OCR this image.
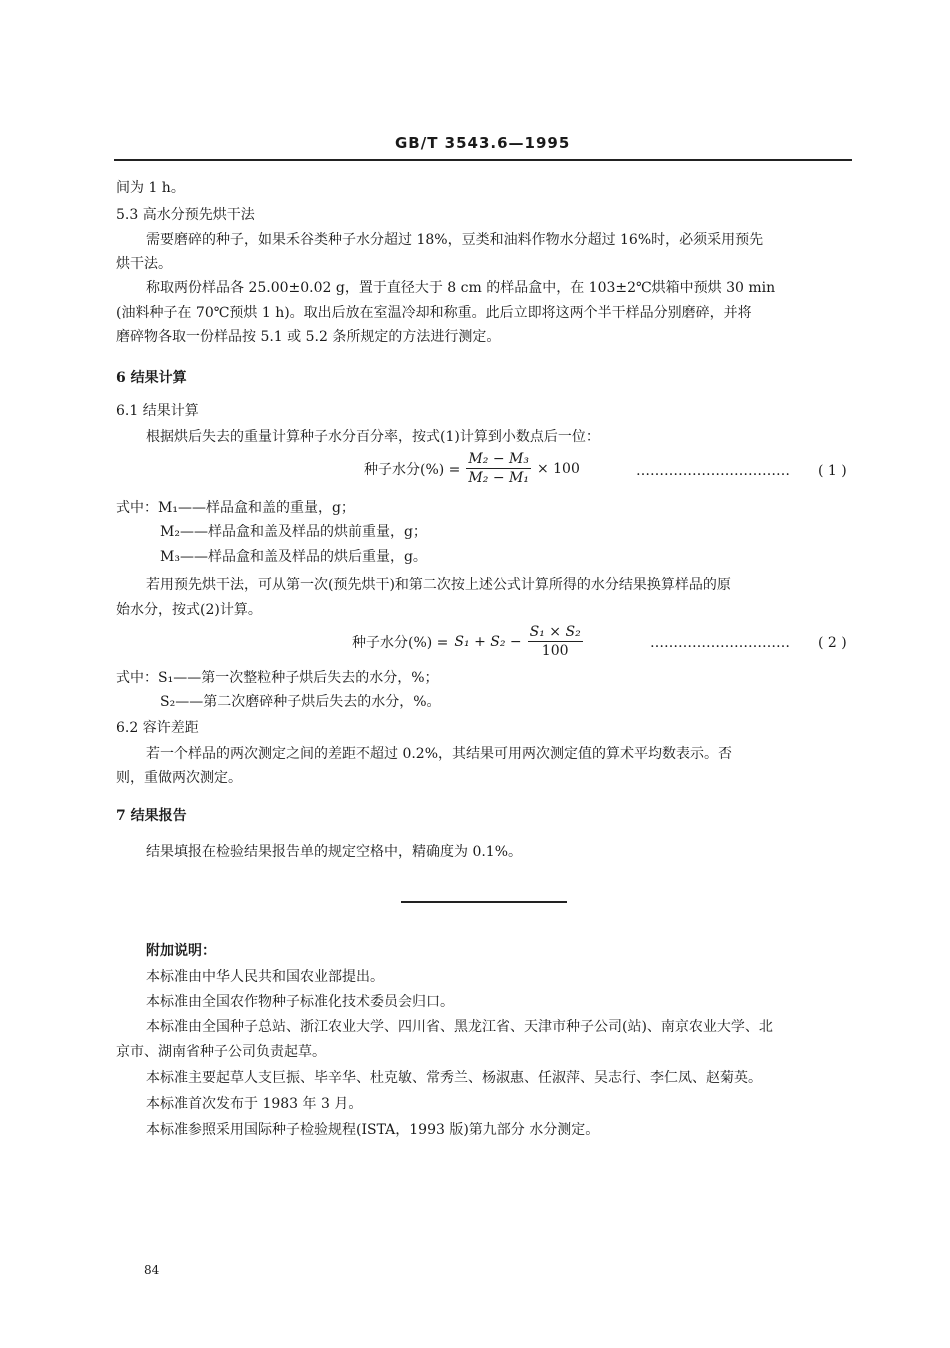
GB/T 3543.6—1995
间为 1 h。
5.3 高水分预先烘干法
需要磨碎的种子，如果禾谷类种子水分超过 18%，豆类和油料作物水分超过 16%时，必须采用预先
烘干法。
称取两份样品各 25.00±0.02 g，置于直径大于 8 cm 的样品盒中，在 103±2℃烘箱中预烘 30 min
(油料种子在 70℃预烘 1 h)。取出后放在室温冷却和称重。此后立即将这两个半干样品分别磨碎，并将
磨碎物各取一份样品按 5.1 或 5.2 条所规定的方法进行测定。
6 结果计算
6.1 结果计算
根据烘后失去的重量计算种子水分百分率，按式(1)计算到小数点后一位：
种子水分(%) = $\frac{\text{M₂ − M₃}}{\text{M₂ − M₁}} \times 100$	…………………………… ( 1 )
式中：M₁——样品盒和盖的重量，g；
M₂——样品盒和盖及样品的烘前重量，g；
M₃——样品盒和盖及样品的烘后重量，g。
若用预先烘干法，可从第一次(预先烘干)和第二次按上述公式计算所得的水分结果换算样品的原
始水分，按式(2)计算。
种子水分(%) = $S_1 + S_2 - \frac{\text{S₁ × S₂}}{100}$	………………………… ( 2 )
式中：S₁——第一次整粒种子烘后失去的水分，%；
S₂——第二次磨碎种子烘后失去的水分，%。
6.2 容许差距
若一个样品的两次测定之间的差距不超过 0.2%，其结果可用两次测定值的算术平均数表示。否
则，重做两次测定。
7 结果报告
结果填报在检验结果报告单的规定空格中，精确度为 0.1%。
附加说明：
本标准由中华人民共和国农业部提出。
本标准由全国农作物种子标准化技术委员会归口。
本标准由全国种子总站、浙江农业大学、四川省、黑龙江省、天津市种子公司(站)、南京农业大学、北
京市、湖南省种子公司负责起草。
本标准主要起草人支巨振、毕辛华、杜克敏、常秀兰、杨淑惠、任淑萍、吴志行、李仁凤、赵菊英。
本标准首次发布于 1983 年 3 月。
本标准参照采用国际种子检验规程(ISTA，1993 版)第九部分 水分测定。
84
